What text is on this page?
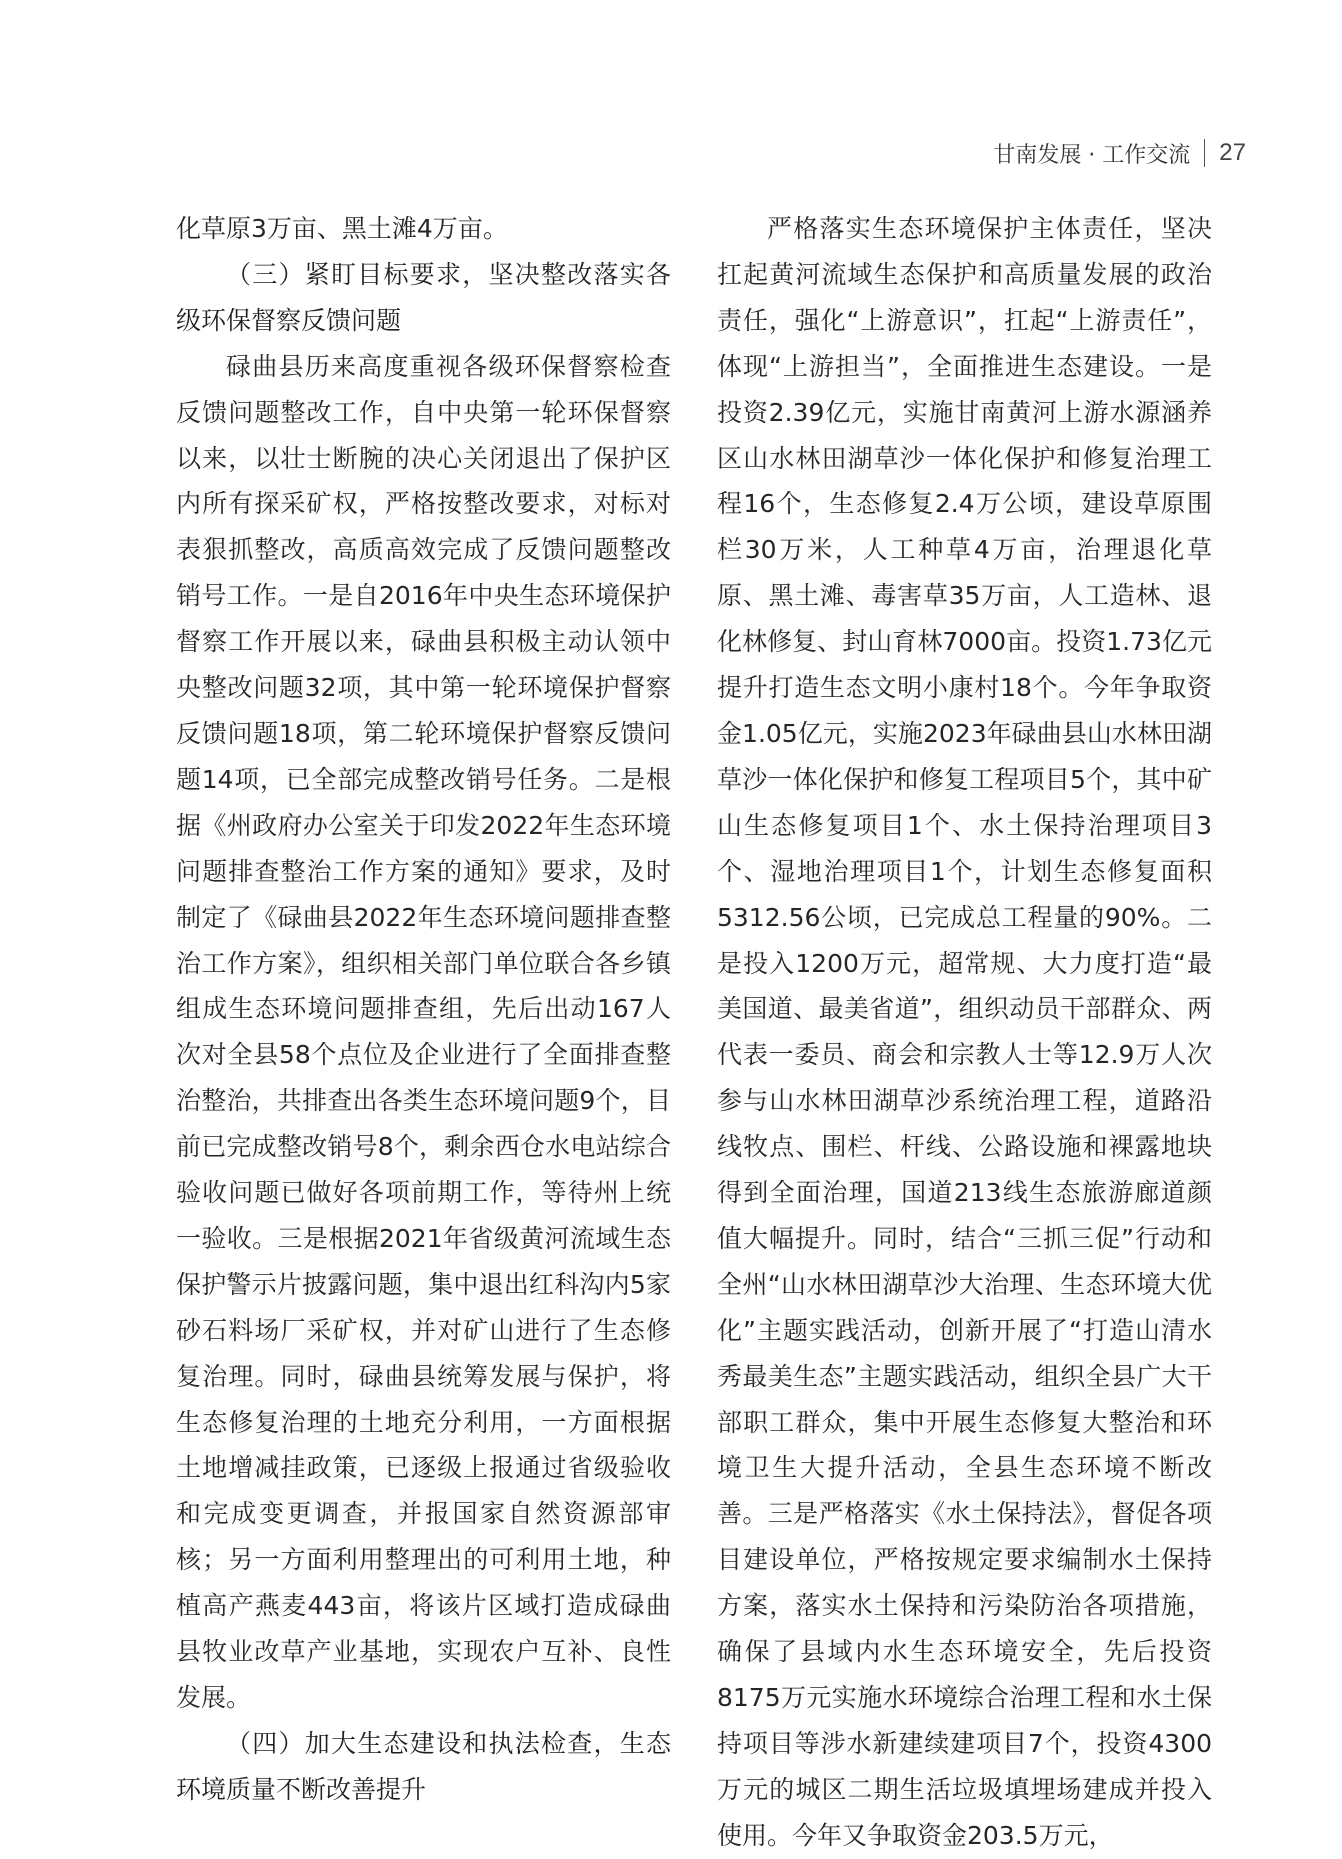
甘南发展 · 工作交流 27

化草原3万亩、黑土滩4万亩。

（三）紧盯目标要求，坚决整改落实各级环保督察反馈问题

碌曲县历来高度重视各级环保督察检查反馈问题整改工作，自中央第一轮环保督察以来，以壮士断腕的决心关闭退出了保护区内所有探采矿权，严格按整改要求，对标对表狠抓整改，高质高效完成了反馈问题整改销号工作。一是自2016年中央生态环境保护督察工作开展以来，碌曲县积极主动认领中央整改问题32项，其中第一轮环境保护督察反馈问题18项，第二轮环境保护督察反馈问题14项，已全部完成整改销号任务。二是根据《州政府办公室关于印发2022年生态环境问题排查整治工作方案的通知》要求，及时制定了《碌曲县2022年生态环境问题排查整治工作方案》，组织相关部门单位联合各乡镇组成生态环境问题排查组，先后出动167人次对全县58个点位及企业进行了全面排查整治整治，共排查出各类生态环境问题9个，目前已完成整改销号8个，剩余西仓水电站综合验收问题已做好各项前期工作，等待州上统一验收。三是根据2021年省级黄河流域生态保护警示片披露问题，集中退出红科沟内5家砂石料场厂采矿权，并对矿山进行了生态修复治理。同时，碌曲县统筹发展与保护，将生态修复治理的土地充分利用，一方面根据土地增减挂政策，已逐级上报通过省级验收和完成变更调查，并报国家自然资源部审核；另一方面利用整理出的可利用土地，种植高产燕麦443亩，将该片区域打造成碌曲县牧业改草产业基地，实现农户互补、良性发展。

（四）加大生态建设和执法检查，生态环境质量不断改善提升

严格落实生态环境保护主体责任，坚决扛起黄河流域生态保护和高质量发展的政治责任，强化“上游意识”，扛起“上游责任”，体现“上游担当”，全面推进生态建设。一是投资2.39亿元，实施甘南黄河上游水源涵养区山水林田湖草沙一体化保护和修复治理工程16个，生态修复2.4万公顷，建设草原围栏30万米，人工种草4万亩，治理退化草原、黑土滩、毒害草35万亩，人工造林、退化林修复、封山育林7000亩。投资1.73亿元提升打造生态文明小康村18个。今年争取资金1.05亿元，实施2023年碌曲县山水林田湖草沙一体化保护和修复工程项目5个，其中矿山生态修复项目1个、水土保持治理项目3个、湿地治理项目1个，计划生态修复面积5312.56公顷，已完成总工程量的90%。二是投入1200万元，超常规、大力度打造“最美国道、最美省道”，组织动员干部群众、两代表一委员、商会和宗教人士等12.9万人次参与山水林田湖草沙系统治理工程，道路沿线牧点、围栏、杆线、公路设施和裸露地块得到全面治理，国道213线生态旅游廊道颜值大幅提升。同时，结合“三抓三促”行动和全州“山水林田湖草沙大治理、生态环境大优化”主题实践活动，创新开展了“打造山清水秀最美生态”主题实践活动，组织全县广大干部职工群众，集中开展生态修复大整治和环境卫生大提升活动，全县生态环境不断改善。三是严格落实《水土保持法》，督促各项目建设单位，严格按规定要求编制水土保持方案，落实水土保持和污染防治各项措施，确保了县域内水生态环境安全，先后投资8175万元实施水环境综合治理工程和水土保持项目等涉水新建续建项目7个，投资4300万元的城区二期生活垃圾填埋场建成并投入使用。今年又争取资金203.5万元，
